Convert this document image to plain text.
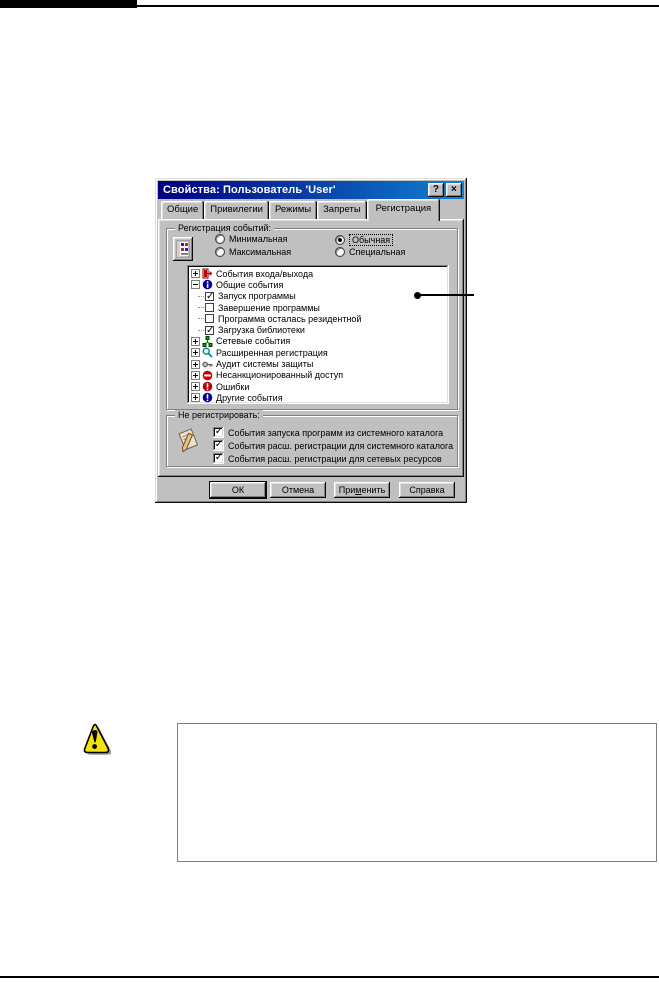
Свойства: Пользователь 'User'	?	×
Общие	Привилегии	Режимы	Запреты	Регистрация
Регистрация событий:
Минимальная
Максимальная
Обычная
Специальная
События входа/выхода
Общие события
✓
Запуск программы
Завершение программы
Программа осталась резидентной
✓
Загрузка библиотеки
Сетевые события
Расширенная регистрация
Аудит системы защиты
Несанкционированный доступ
Ошибки
Другие события
Не регистрировать:
✓
События запуска программ из системного каталога
✓
События расш. регистрации для системного каталога
✓
События расш. регистрации для сетевых ресурсов
ОК	Отмена	Применить	Справка
